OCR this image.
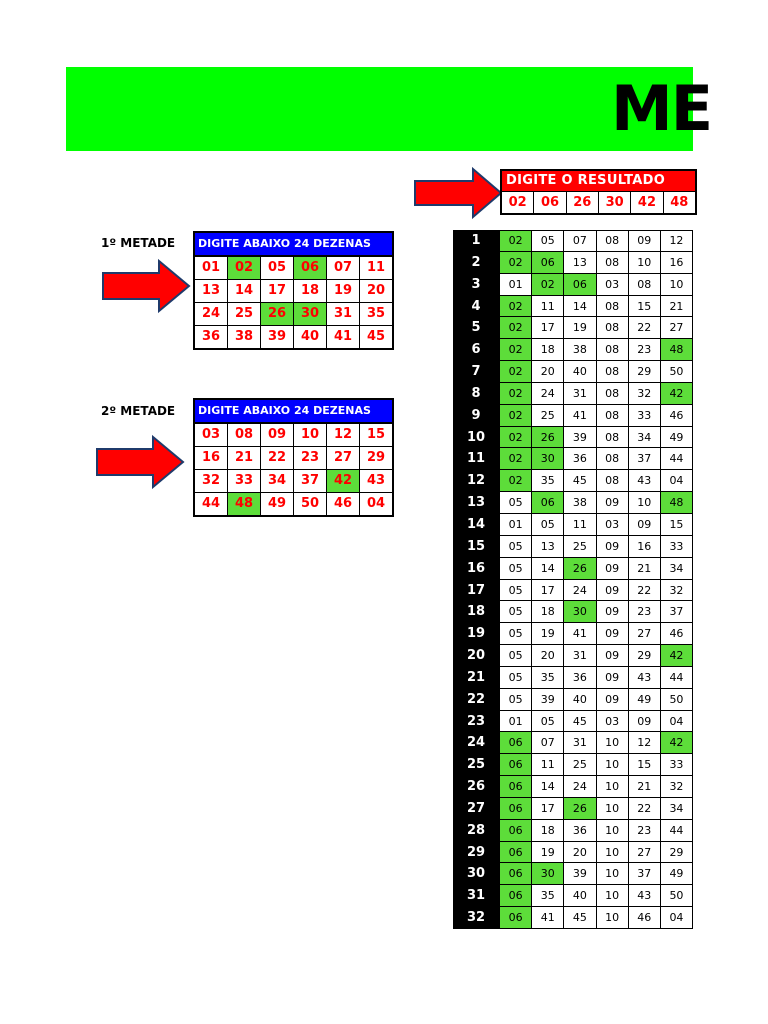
ME
DIGITE O RESULTADO
02	06	26	30	42	48
1º METADE DIGITE ABAIXO 24 DEZENAS
01	02	05	06	07	11
13	14	17	18	19	20
24	25	26	30	31	35
36	38	39	40	41	45
2º METADE DIGITE ABAIXO 24 DEZENAS
03	08	09	10	12	15
16	21	22	23	27	29
32	33	34	37	42	43
44	48	49	50	46	04
1	02	05	07	08	09	12
2	02	06	13	08	10	16
3	01	02	06	03	08	10
4	02	11	14	08	15	21
5	02	17	19	08	22	27
6	02	18	38	08	23	48
7	02	20	40	08	29	50
8	02	24	31	08	32	42
9	02	25	41	08	33	46
10	02	26	39	08	34	49
11	02	30	36	08	37	44
12	02	35	45	08	43	04
13	05	06	38	09	10	48
14	01	05	11	03	09	15
15	05	13	25	09	16	33
16	05	14	26	09	21	34
17	05	17	24	09	22	32
18	05	18	30	09	23	37
19	05	19	41	09	27	46
20	05	20	31	09	29	42
21	05	35	36	09	43	44
22	05	39	40	09	49	50
23	01	05	45	03	09	04
24	06	07	31	10	12	42
25	06	11	25	10	15	33
26	06	14	24	10	21	32
27	06	17	26	10	22	34
28	06	18	36	10	23	44
29	06	19	20	10	27	29
30	06	30	39	10	37	49
31	06	35	40	10	43	50
32	06	41	45	10	46	04
